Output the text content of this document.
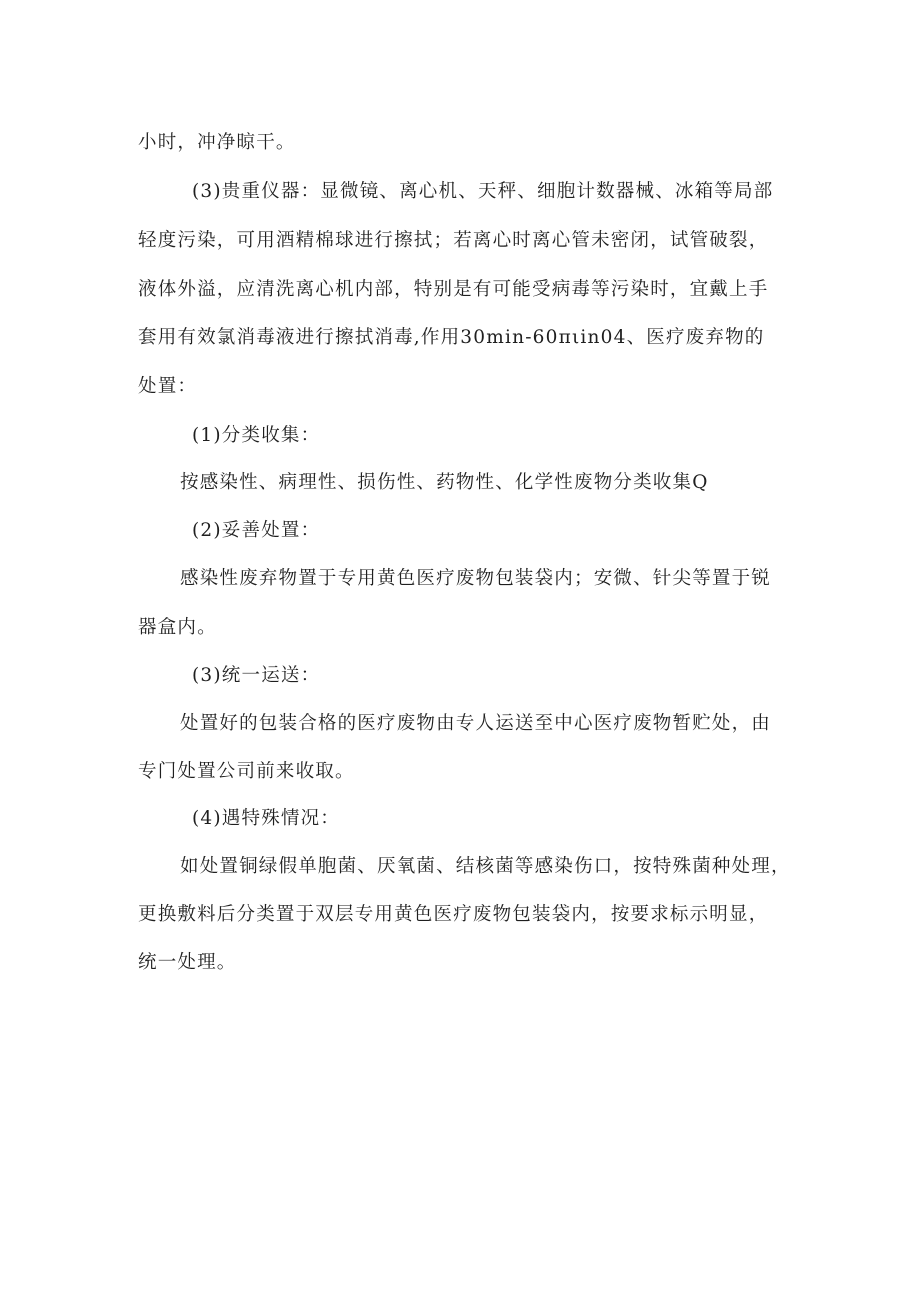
小时，冲净晾干。
(3)贵重仪器：显微镜、离心机、天秤、细胞计数器械、冰箱等局部
轻度污染，可用酒精棉球进行擦拭；若离心时离心管未密闭，试管破裂，
液体外溢，应清洗离心机内部，特别是有可能受病毒等污染时，宜戴上手
套用有效氯消毒液进行擦拭消毒,作用30min-60πιin04、医疗废弃物的
处置：
(1)分类收集：
按感染性、病理性、损伤性、药物性、化学性废物分类收集Q
(2)妥善处置：
感染性废弃物置于专用黄色医疗废物包装袋内；安微、针尖等置于锐
器盒内。
(3)统一运送：
处置好的包装合格的医疗废物由专人运送至中心医疗废物暂贮处，由
专门处置公司前来收取。
(4)遇特殊情况：
如处置铜绿假单胞菌、厌氧菌、结核菌等感染伤口，按特殊菌种处理，
更换敷料后分类置于双层专用黄色医疗废物包装袋内，按要求标示明显，
统一处理。
